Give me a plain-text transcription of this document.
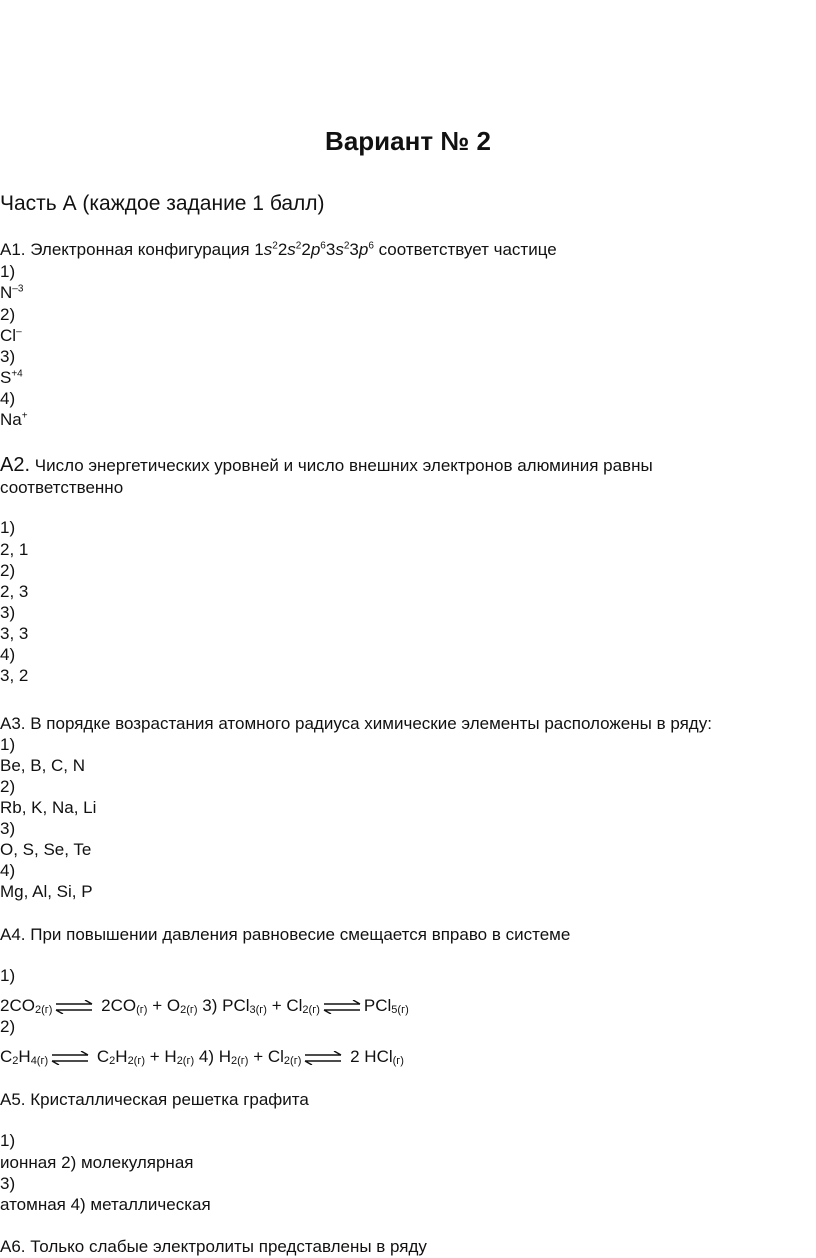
Вариант № 2
Часть А (каждое задание 1 балл)
А1. Электронная конфигурация $1s^22s^22p^63s^23p^6$ соответствует частице
1)
$N^{-3}$
2)
Cl–
3)
$S^{+4}$
4)
Na+
А2. Число энергетических уровней и число внешних электронов алюминия равны
соответственно
1)
2, 1
2)
2, 3
3)
3, 3
4)
3, 2
А3. В порядке возрастания атомного радиуса химические элементы расположены в ряду:
1)
Be, B, C, N
2)
Rb, K, Na, Li
3)
O, S, Se, Te
4)
Mg, Al, Si, P
А4. При повышении давления равновесие смещается вправо в системе
1)
$2CO_{2(г)}$ ⇌ $2CO_{(г)} + O_{2(г)}$ 3) $PCl_{3(г)} + Cl_{2(г)}$ ⇌ PCl$_{5(г)}$
2)
$C_2H_{4(г)}$ ⇌ $C_2H_{2(г)} + H_{2(г)}$ 4) $H_{2(г)} + Cl_{2(г)}$ ⇌ 2 HCl$_{(г)}$
А5. Кристаллическая решетка графита
1)
ионная 2) молекулярная
3)
атомная 4) металлическая
А6. Только слабые электролиты представлены в ряду
